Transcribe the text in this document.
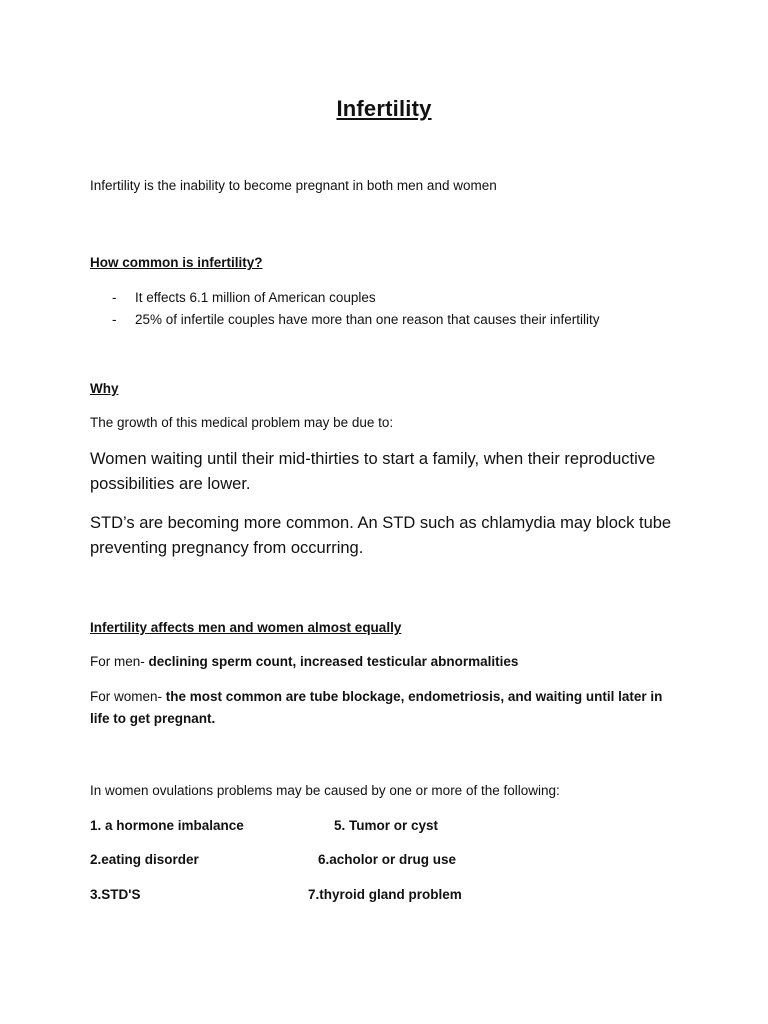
Infertility
Infertility is the inability to become pregnant in both men and women
How common is infertility?
- It effects 6.1 million of American couples
- 25% of infertile couples have more than one reason that causes their infertility
Why
The growth of this medical problem may be due to:
Women waiting until their mid-thirties to start a family, when their reproductive possibilities are lower.
STD’s are becoming more common. An STD such as chlamydia may block tube preventing pregnancy from occurring.
Infertility affects men and women almost equally
For men- declining sperm count, increased testicular abnormalities
For women- the most common are tube blockage, endometriosis, and waiting until later in
life to get pregnant.
In women ovulations problems may be caused by one or more of the following:
1. a hormone imbalance	5. Tumor or cyst
2.eating disorder	6.acholor or drug use
3.STD'S	7.thyroid gland problem
